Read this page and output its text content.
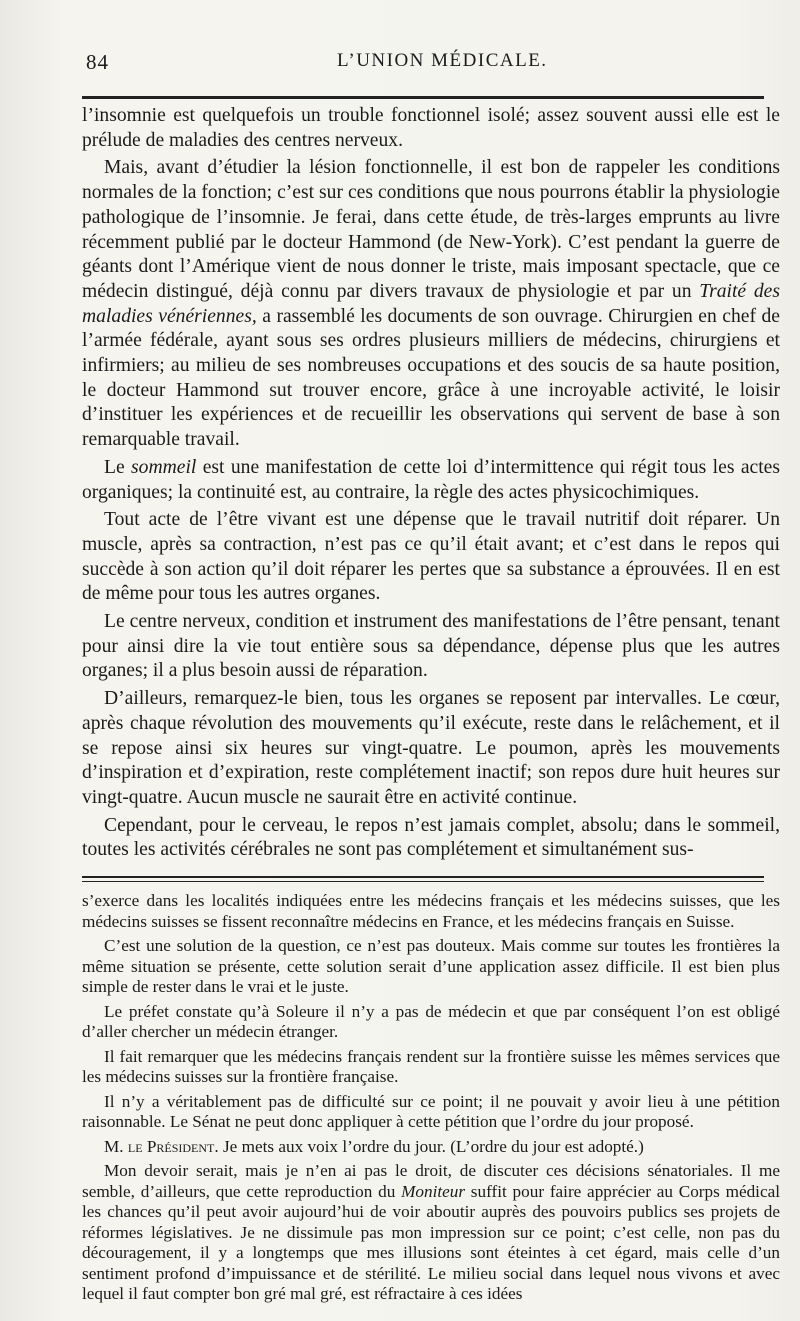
84	L’UNION MÉDICALE.

l’insomnie est quelquefois un trouble fonctionnel isolé; assez souvent aussi elle est le prélude de maladies des centres nerveux.

Mais, avant d’étudier la lésion fonctionnelle, il est bon de rappeler les conditions normales de la fonction; c’est sur ces conditions que nous pourrons établir la physiologie pathologique de l’insomnie. Je ferai, dans cette étude, de très-larges emprunts au livre récemment publié par le docteur Hammond (de New-York). C’est pendant la guerre de géants dont l’Amérique vient de nous donner le triste, mais imposant spectacle, que ce médecin distingué, déjà connu par divers travaux de physiologie et par un Traité des maladies vénériennes, a rassemblé les documents de son ouvrage. Chirurgien en chef de l’armée fédérale, ayant sous ses ordres plusieurs milliers de médecins, chirurgiens et infirmiers; au milieu de ses nombreuses occupations et des soucis de sa haute position, le docteur Hammond sut trouver encore, grâce à une incroyable activité, le loisir d’instituer les expériences et de recueillir les observations qui servent de base à son remarquable travail.

Le sommeil est une manifestation de cette loi d’intermittence qui régit tous les actes organiques; la continuité est, au contraire, la règle des actes physicochimiques.

Tout acte de l’être vivant est une dépense que le travail nutritif doit réparer. Un muscle, après sa contraction, n’est pas ce qu’il était avant; et c’est dans le repos qui succède à son action qu’il doit réparer les pertes que sa substance a éprouvées. Il en est de même pour tous les autres organes.

Le centre nerveux, condition et instrument des manifestations de l’être pensant, tenant pour ainsi dire la vie tout entière sous sa dépendance, dépense plus que les autres organes; il a plus besoin aussi de réparation.

D’ailleurs, remarquez-le bien, tous les organes se reposent par intervalles. Le cœur, après chaque révolution des mouvements qu’il exécute, reste dans le relâchement, et il se repose ainsi six heures sur vingt-quatre. Le poumon, après les mouvements d’inspiration et d’expiration, reste complétement inactif; son repos dure huit heures sur vingt-quatre. Aucun muscle ne saurait être en activité continue.

Cependant, pour le cerveau, le repos n’est jamais complet, absolu; dans le sommeil, toutes les activités cérébrales ne sont pas complétement et simultanément sus-

s’exerce dans les localités indiquées entre les médecins français et les médecins suisses, que les médecins suisses se fissent reconnaître médecins en France, et les médecins français en Suisse.

C’est une solution de la question, ce n’est pas douteux. Mais comme sur toutes les frontières la même situation se présente, cette solution serait d’une application assez difficile. Il est bien plus simple de rester dans le vrai et le juste.

Le préfet constate qu’à Soleure il n’y a pas de médecin et que par conséquent l’on est obligé d’aller chercher un médecin étranger.

Il fait remarquer que les médecins français rendent sur la frontière suisse les mêmes services que les médecins suisses sur la frontière française.

Il n’y a véritablement pas de difficulté sur ce point; il ne pouvait y avoir lieu à une pétition raisonnable. Le Sénat ne peut donc appliquer à cette pétition que l’ordre du jour proposé.

M. le Président. Je mets aux voix l’ordre du jour. (L’ordre du jour est adopté.)

Mon devoir serait, mais je n’en ai pas le droit, de discuter ces décisions sénatoriales. Il me semble, d’ailleurs, que cette reproduction du Moniteur suffit pour faire apprécier au Corps médical les chances qu’il peut avoir aujourd’hui de voir aboutir auprès des pouvoirs publics ses projets de réformes législatives. Je ne dissimule pas mon impression sur ce point; c’est celle, non pas du découragement, il y a longtemps que mes illusions sont éteintes à cet égard, mais celle d’un sentiment profond d’impuissance et de stérilité. Le milieu social dans lequel nous vivons et avec lequel il faut compter bon gré mal gré, est réfractaire à ces idées
